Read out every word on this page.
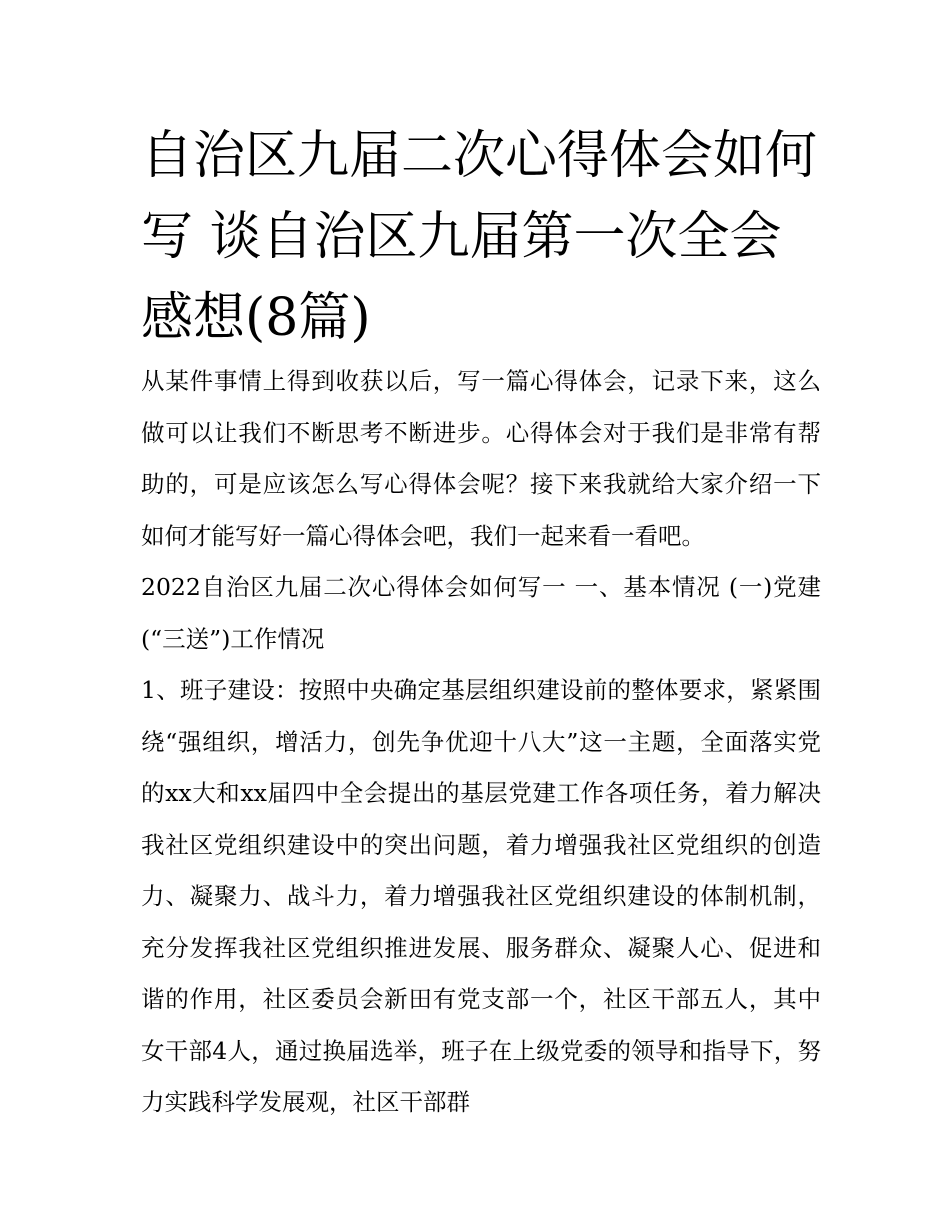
自治区九届二次心得体会如何写 谈自治区九届第一次全会感想(8篇)

从某件事情上得到收获以后，写一篇心得体会，记录下来，这么做可以让我们不断思考不断进步。心得体会对于我们是非常有帮助的，可是应该怎么写心得体会呢？接下来我就给大家介绍一下如何才能写好一篇心得体会吧，我们一起来看一看吧。

2022自治区九届二次心得体会如何写一 一、基本情况 (一)党建(“三送”)工作情况

1、班子建设：按照中央确定基层组织建设前的整体要求，紧紧围绕“强组织，增活力，创先争优迎十八大”这一主题，全面落实党的xx大和xx届四中全会提出的基层党建工作各项任务，着力解决我社区党组织建设中的突出问题，着力增强我社区党组织的创造力、凝聚力、战斗力，着力增强我社区党组织建设的体制机制，充分发挥我社区党组织推进发展、服务群众、凝聚人心、促进和谐的作用，社区委员会新田有党支部一个，社区干部五人，其中女干部4人，通过换届选举，班子在上级党委的领导和指导下，努力实践科学发展观，社区干部群
